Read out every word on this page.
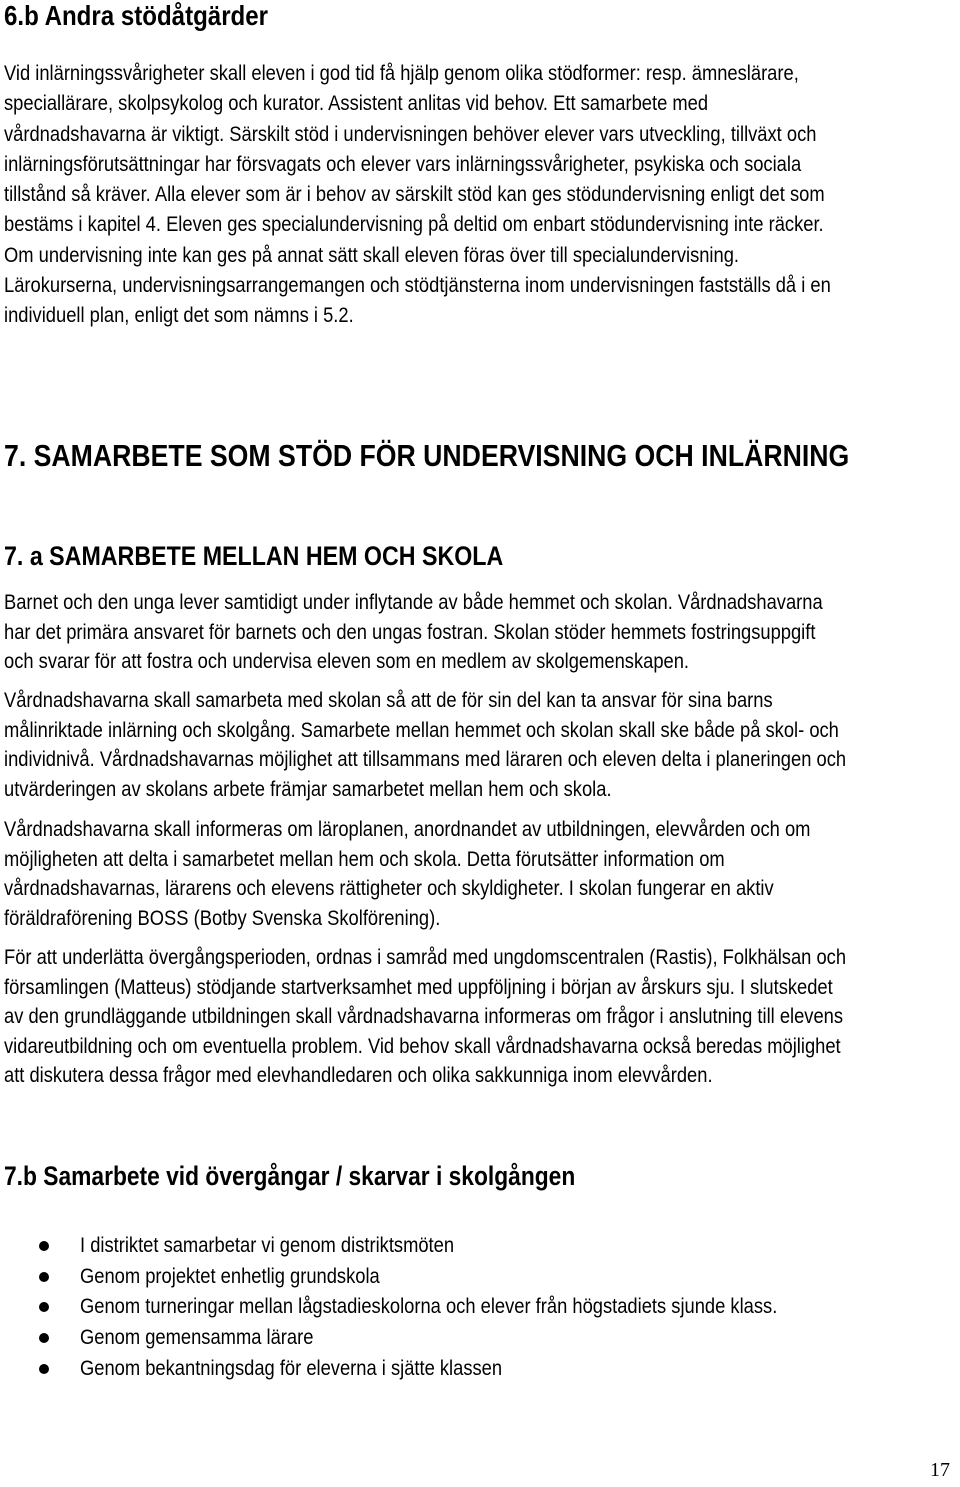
6.b Andra stödåtgärder

Vid inlärningssvårigheter skall eleven i god tid få hjälp genom olika stödformer: resp. ämneslärare,
speciallärare, skolpsykolog och kurator. Assistent anlitas vid behov. Ett samarbete med
vårdnadshavarna är viktigt. Särskilt stöd i undervisningen behöver elever vars utveckling, tillväxt och
inlärningsförutsättningar har försvagats och elever vars inlärningssvårigheter, psykiska och sociala
tillstånd så kräver. Alla elever som är i behov av särskilt stöd kan ges stödundervisning enligt det som
bestäms i kapitel 4. Eleven ges specialundervisning på deltid om enbart stödundervisning inte räcker.
Om undervisning inte kan ges på annat sätt skall eleven föras över till specialundervisning.
Lärokurserna, undervisningsarrangemangen och stödtjänsterna inom undervisningen fastställs då i en
individuell plan, enligt det som nämns i 5.2.

7. SAMARBETE SOM STÖD FÖR UNDERVISNING OCH INLÄRNING
7. a SAMARBETE MELLAN HEM OCH SKOLA

Barnet och den unga lever samtidigt under inflytande av både hemmet och skolan. Vårdnadshavarna
har det primära ansvaret för barnets och den ungas fostran. Skolan stöder hemmets fostringsuppgift
och svarar för att fostra och undervisa eleven som en medlem av skolgemenskapen.

Vårdnadshavarna skall samarbeta med skolan så att de för sin del kan ta ansvar för sina barns
målinriktade inlärning och skolgång. Samarbete mellan hemmet och skolan skall ske både på skol- och
individnivå. Vårdnadshavarnas möjlighet att tillsammans med läraren och eleven delta i planeringen och
utvärderingen av skolans arbete främjar samarbetet mellan hem och skola.

Vårdnadshavarna skall informeras om läroplanen, anordnandet av utbildningen, elevvården och om
möjligheten att delta i samarbetet mellan hem och skola. Detta förutsätter information om
vårdnadshavarnas, lärarens och elevens rättigheter och skyldigheter. I skolan fungerar en aktiv
föräldraförening BOSS (Botby Svenska Skolförening).

För att underlätta övergångsperioden, ordnas i samråd med ungdomscentralen (Rastis), Folkhälsan och
församlingen (Matteus) stödjande startverksamhet med uppföljning i början av årskurs sju. I slutskedet
av den grundläggande utbildningen skall vårdnadshavarna informeras om frågor i anslutning till elevens
vidareutbildning och om eventuella problem. Vid behov skall vårdnadshavarna också beredas möjlighet
att diskutera dessa frågor med elevhandledaren och olika sakkunniga inom elevvården.

7.b Samarbete vid övergångar / skarvar i skolgången
I distriktet samarbetar vi genom distriktsmöten
Genom projektet enhetlig grundskola
Genom turneringar mellan lågstadieskolorna och elever från högstadiets sjunde klass.
Genom gemensamma lärare
Genom bekantningsdag för eleverna i sjätte klassen
17
